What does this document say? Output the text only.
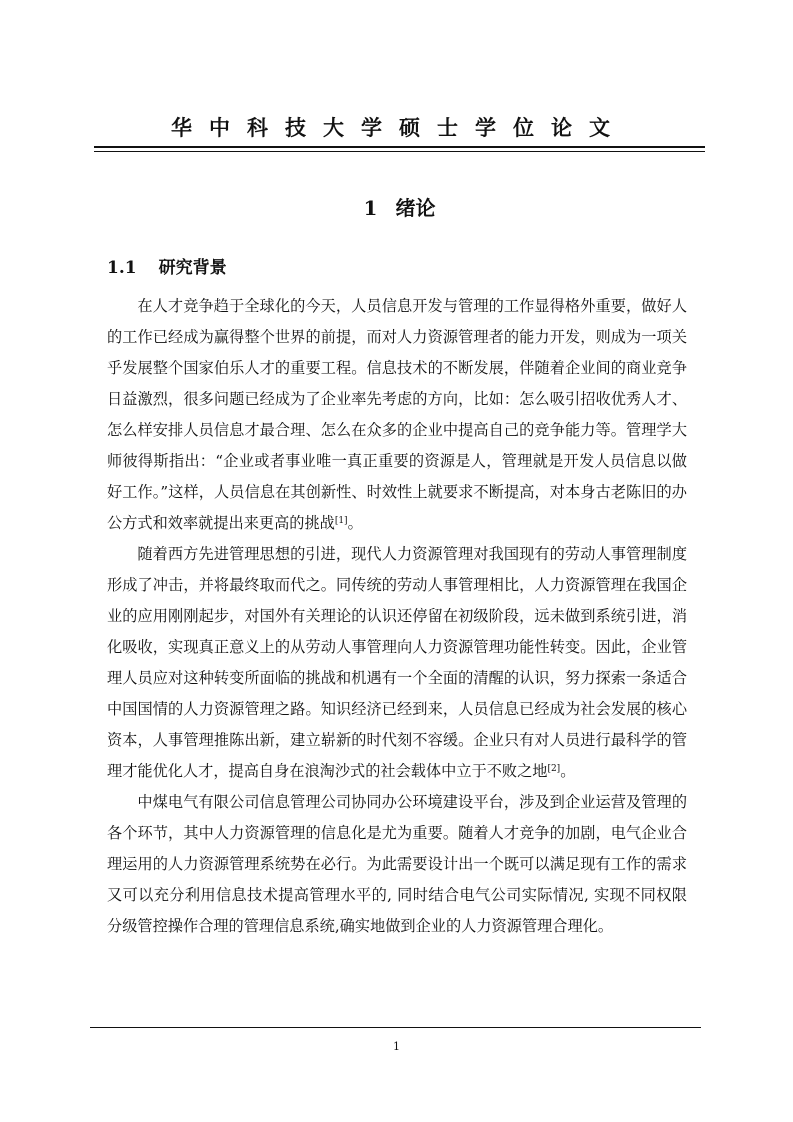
华中科技大学硕士学位论文
1 绪论
1.1 研究背景

在人才竞争趋于全球化的今天，人员信息开发与管理的工作显得格外重要，做好人的工作已经成为赢得整个世界的前提，而对人力资源管理者的能力开发，则成为一项关乎发展整个国家伯乐人才的重要工程。信息技术的不断发展，伴随着企业间的商业竞争日益激烈，很多问题已经成为了企业率先考虑的方向，比如：怎么吸引招收优秀人才、怎么样安排人员信息才最合理、怎么在众多的企业中提高自己的竞争能力等。管理学大师彼得斯指出：“企业或者事业唯一真正重要的资源是人，管理就是开发人员信息以做好工作。”这样，人员信息在其创新性、时效性上就要求不断提高，对本身古老陈旧的办公方式和效率就提出来更高的挑战[1]。

随着西方先进管理思想的引进，现代人力资源管理对我国现有的劳动人事管理制度形成了冲击，并将最终取而代之。同传统的劳动人事管理相比，人力资源管理在我国企业的应用刚刚起步，对国外有关理论的认识还停留在初级阶段，远未做到系统引进，消化吸收，实现真正意义上的从劳动人事管理向人力资源管理功能性转变。因此，企业管理人员应对这种转变所面临的挑战和机遇有一个全面的清醒的认识，努力探索一条适合中国国情的人力资源管理之路。知识经济已经到来，人员信息已经成为社会发展的核心资本，人事管理推陈出新，建立崭新的时代刻不容缓。企业只有对人员进行最科学的管理才能优化人才，提高自身在浪淘沙式的社会载体中立于不败之地[2]。

中煤电气有限公司信息管理公司协同办公环境建设平台，涉及到企业运营及管理的各个环节，其中人力资源管理的信息化是尤为重要。随着人才竞争的加剧，电气企业合理运用的人力资源管理系统势在必行。为此需要设计出一个既可以满足现有工作的需求又可以充分利用信息技术提高管理水平的, 同时结合电气公司实际情况, 实现不同权限分级管控操作合理的管理信息系统,确实地做到企业的人力资源管理合理化。

1
